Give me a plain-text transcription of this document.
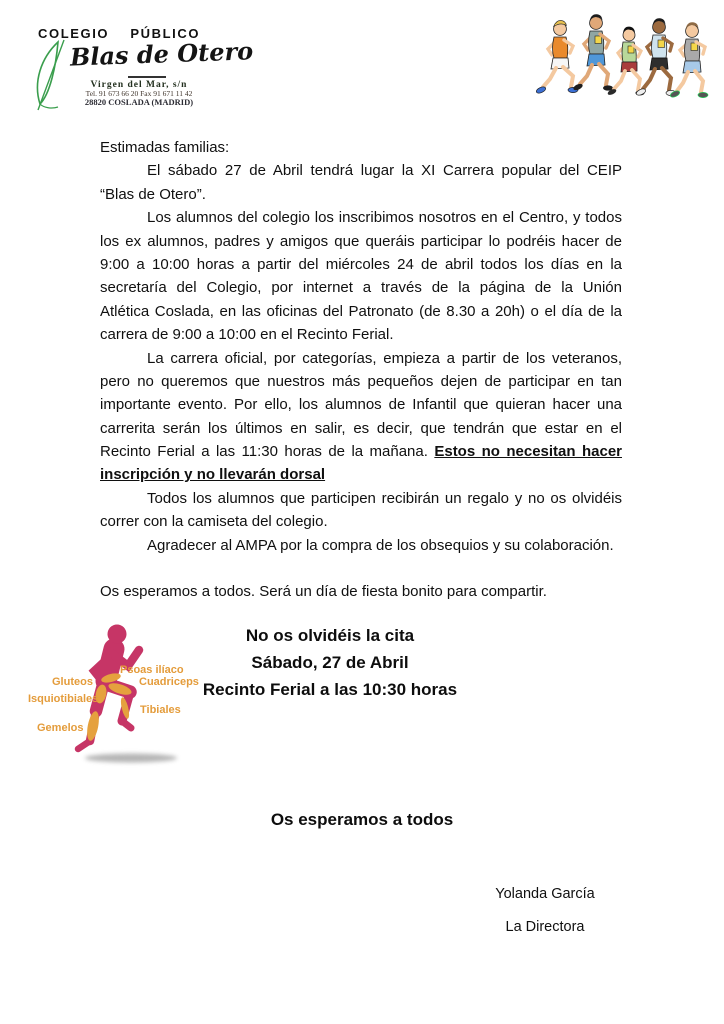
COLEGIO PÚBLICO
Blas de Otero
Virgen del Mar, s/n
Tel. 91 673 66 20 Fax 91 671 11 42
28820 COSLADA (MADRID)
Estimadas familias:
El sábado 27 de Abril tendrá lugar la XI Carrera popular del CEIP
“Blas de Otero”.
Los alumnos del colegio los inscribimos nosotros en el Centro, y todos
los ex alumnos, padres y amigos que queráis participar lo podréis hacer de
9:00 a 10:00 horas a partir del miércoles 24 de abril todos los días en la
secretaría del Colegio, por internet a través de la página de la Unión
Atlética Coslada, en las oficinas del Patronato (de 8.30 a 20h) o el día de la
carrera de 9:00 a 10:00 en el Recinto Ferial.
La carrera oficial, por categorías, empieza a partir de los veteranos,
pero no queremos que nuestros más pequeños dejen de participar en tan
importante evento. Por ello, los alumnos de Infantil que quieran hacer una
carrerita serán los últimos en salir, es decir, que tendrán que estar en el
Recinto Ferial a las 11:30 horas de la mañana. Estos no necesitan hacer
inscripción y no llevarán dorsal
Todos los alumnos que participen recibirán un regalo y no os olvidéis
correr con la camiseta del colegio.
Agradecer al AMPA por la compra de los obsequios y su colaboración.
Os esperamos a todos. Será un día de fiesta bonito para compartir.
Psoas ilíaco
Cuadriceps
Gluteos
Isquiotibiales
Tibiales
Gemelos
No os olvidéis la cita
Sábado, 27 de Abril
Recinto Ferial a las 10:30 horas
Os esperamos a todos
Yolanda García
La Directora
